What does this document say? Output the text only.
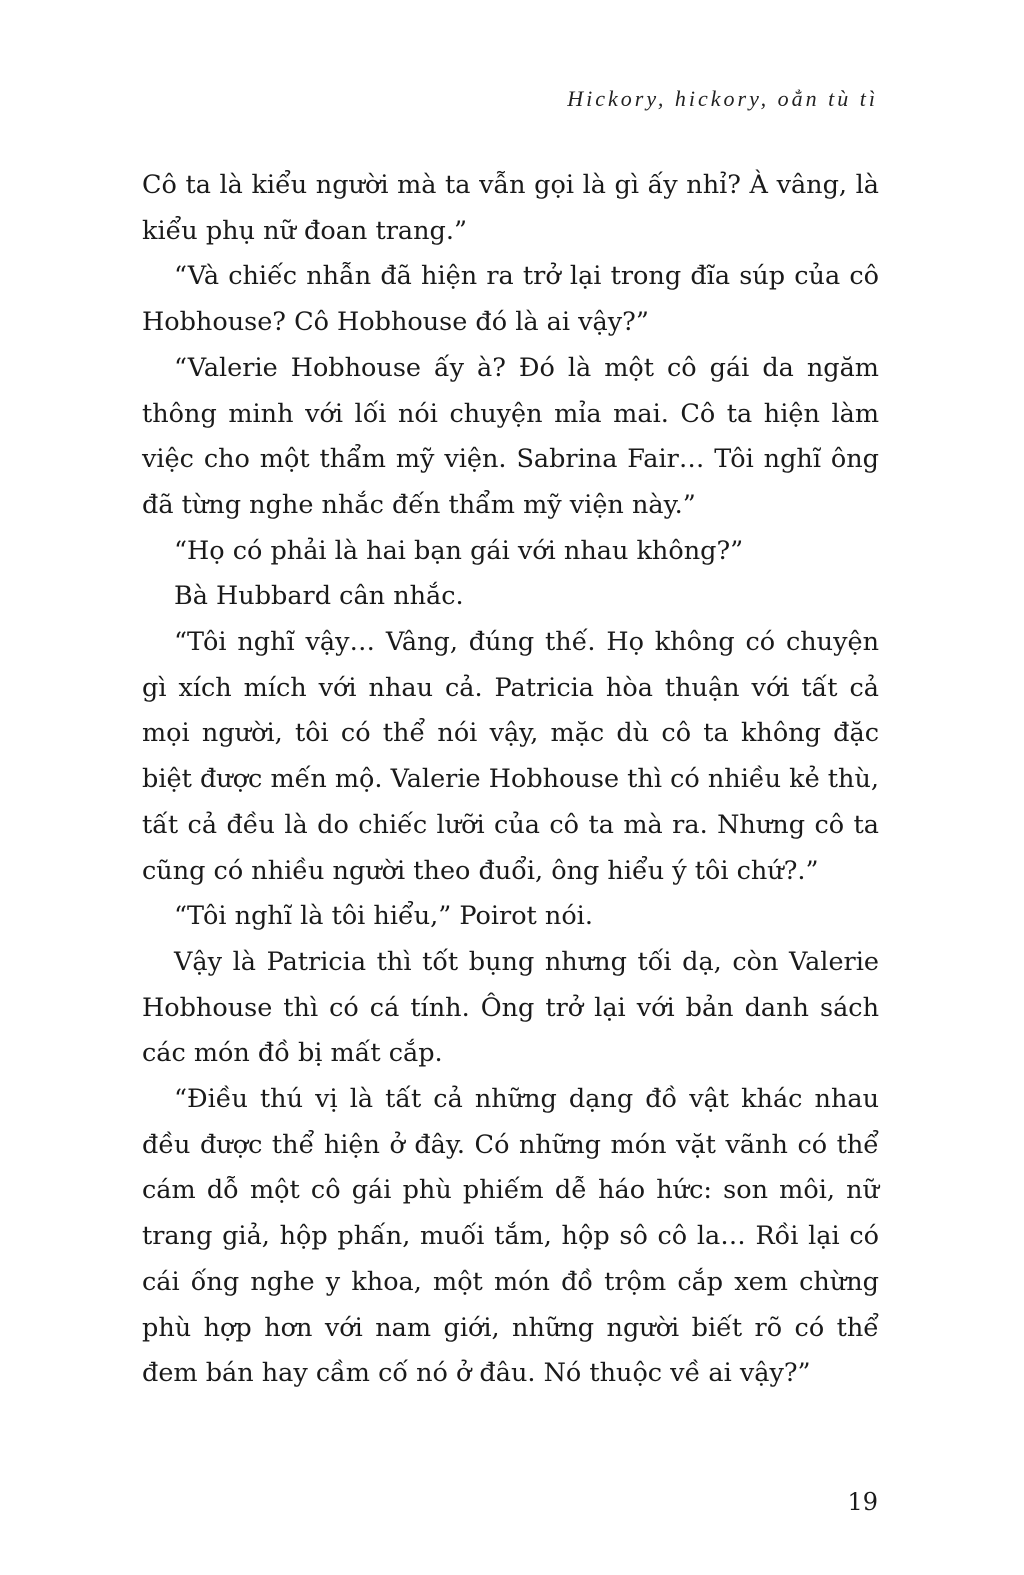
Hickory, hickory, oẳn tù tì

Cô ta là kiểu người mà ta vẫn gọi là gì ấy nhỉ? À vâng, là kiểu phụ nữ đoan trang.”

“Và chiếc nhẫn đã hiện ra trở lại trong đĩa súp của cô Hobhouse? Cô Hobhouse đó là ai vậy?”

“Valerie Hobhouse ấy à? Đó là một cô gái da ngăm thông minh với lối nói chuyện mỉa mai. Cô ta hiện làm việc cho một thẩm mỹ viện. Sabrina Fair… Tôi nghĩ ông đã từng nghe nhắc đến thẩm mỹ viện này.”

“Họ có phải là hai bạn gái với nhau không?”

Bà Hubbard cân nhắc.

“Tôi nghĩ vậy… Vâng, đúng thế. Họ không có chuyện gì xích mích với nhau cả. Patricia hòa thuận với tất cả mọi người, tôi có thể nói vậy, mặc dù cô ta không đặc biệt được mến mộ. Valerie Hobhouse thì có nhiều kẻ thù, tất cả đều là do chiếc lưỡi của cô ta mà ra. Nhưng cô ta cũng có nhiều người theo đuổi, ông hiểu ý tôi chứ?.”

“Tôi nghĩ là tôi hiểu,” Poirot nói.

Vậy là Patricia thì tốt bụng nhưng tối dạ, còn Valerie Hobhouse thì có cá tính. Ông trở lại với bản danh sách các món đồ bị mất cắp.

“Điều thú vị là tất cả những dạng đồ vật khác nhau đều được thể hiện ở đây. Có những món vặt vãnh có thể cám dỗ một cô gái phù phiếm dễ háo hức: son môi, nữ trang giả, hộp phấn, muối tắm, hộp sô cô la… Rồi lại có cái ống nghe y khoa, một món đồ trộm cắp xem chừng phù hợp hơn với nam giới, những người biết rõ có thể đem bán hay cầm cố nó ở đâu. Nó thuộc về ai vậy?”

19
